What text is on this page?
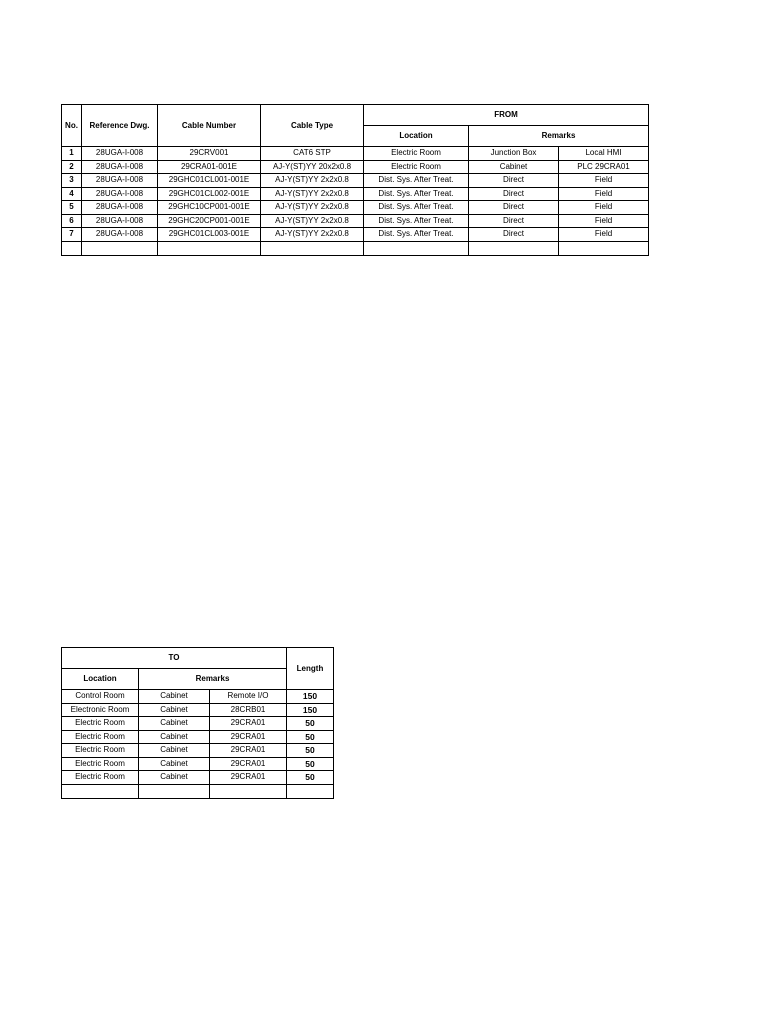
No.	Reference Dwg.	Cable Number	Cable Type	FROM		
				Location	Remarks	
1	28UGA-I-008	29CRV001	CAT6 STP	Electric Room	Junction Box	Local HMI
2	28UGA-I-008	29CRA01-001E	AJ-Y(ST)YY 20x2x0.8	Electric Room	Cabinet	PLC 29CRA01
3	28UGA-I-008	29GHC01CL001-001E	AJ-Y(ST)YY 2x2x0.8	Dist. Sys. After Treat.	Direct	Field
4	28UGA-I-008	29GHC01CL002-001E	AJ-Y(ST)YY 2x2x0.8	Dist. Sys. After Treat.	Direct	Field
5	28UGA-I-008	29GHC10CP001-001E	AJ-Y(ST)YY 2x2x0.8	Dist. Sys. After Treat.	Direct	Field
6	28UGA-I-008	29GHC20CP001-001E	AJ-Y(ST)YY 2x2x0.8	Dist. Sys. After Treat.	Direct	Field
7	28UGA-I-008	29GHC01CL003-001E	AJ-Y(ST)YY 2x2x0.8	Dist. Sys. After Treat.	Direct	Field

TO			Length
Location	Remarks		
Control Room	Cabinet	Remote I/O	150
Electronic Room	Cabinet	28CRB01	150
Electric Room	Cabinet	29CRA01	50
Electric Room	Cabinet	29CRA01	50
Electric Room	Cabinet	29CRA01	50
Electric Room	Cabinet	29CRA01	50
Electric Room	Cabinet	29CRA01	50
